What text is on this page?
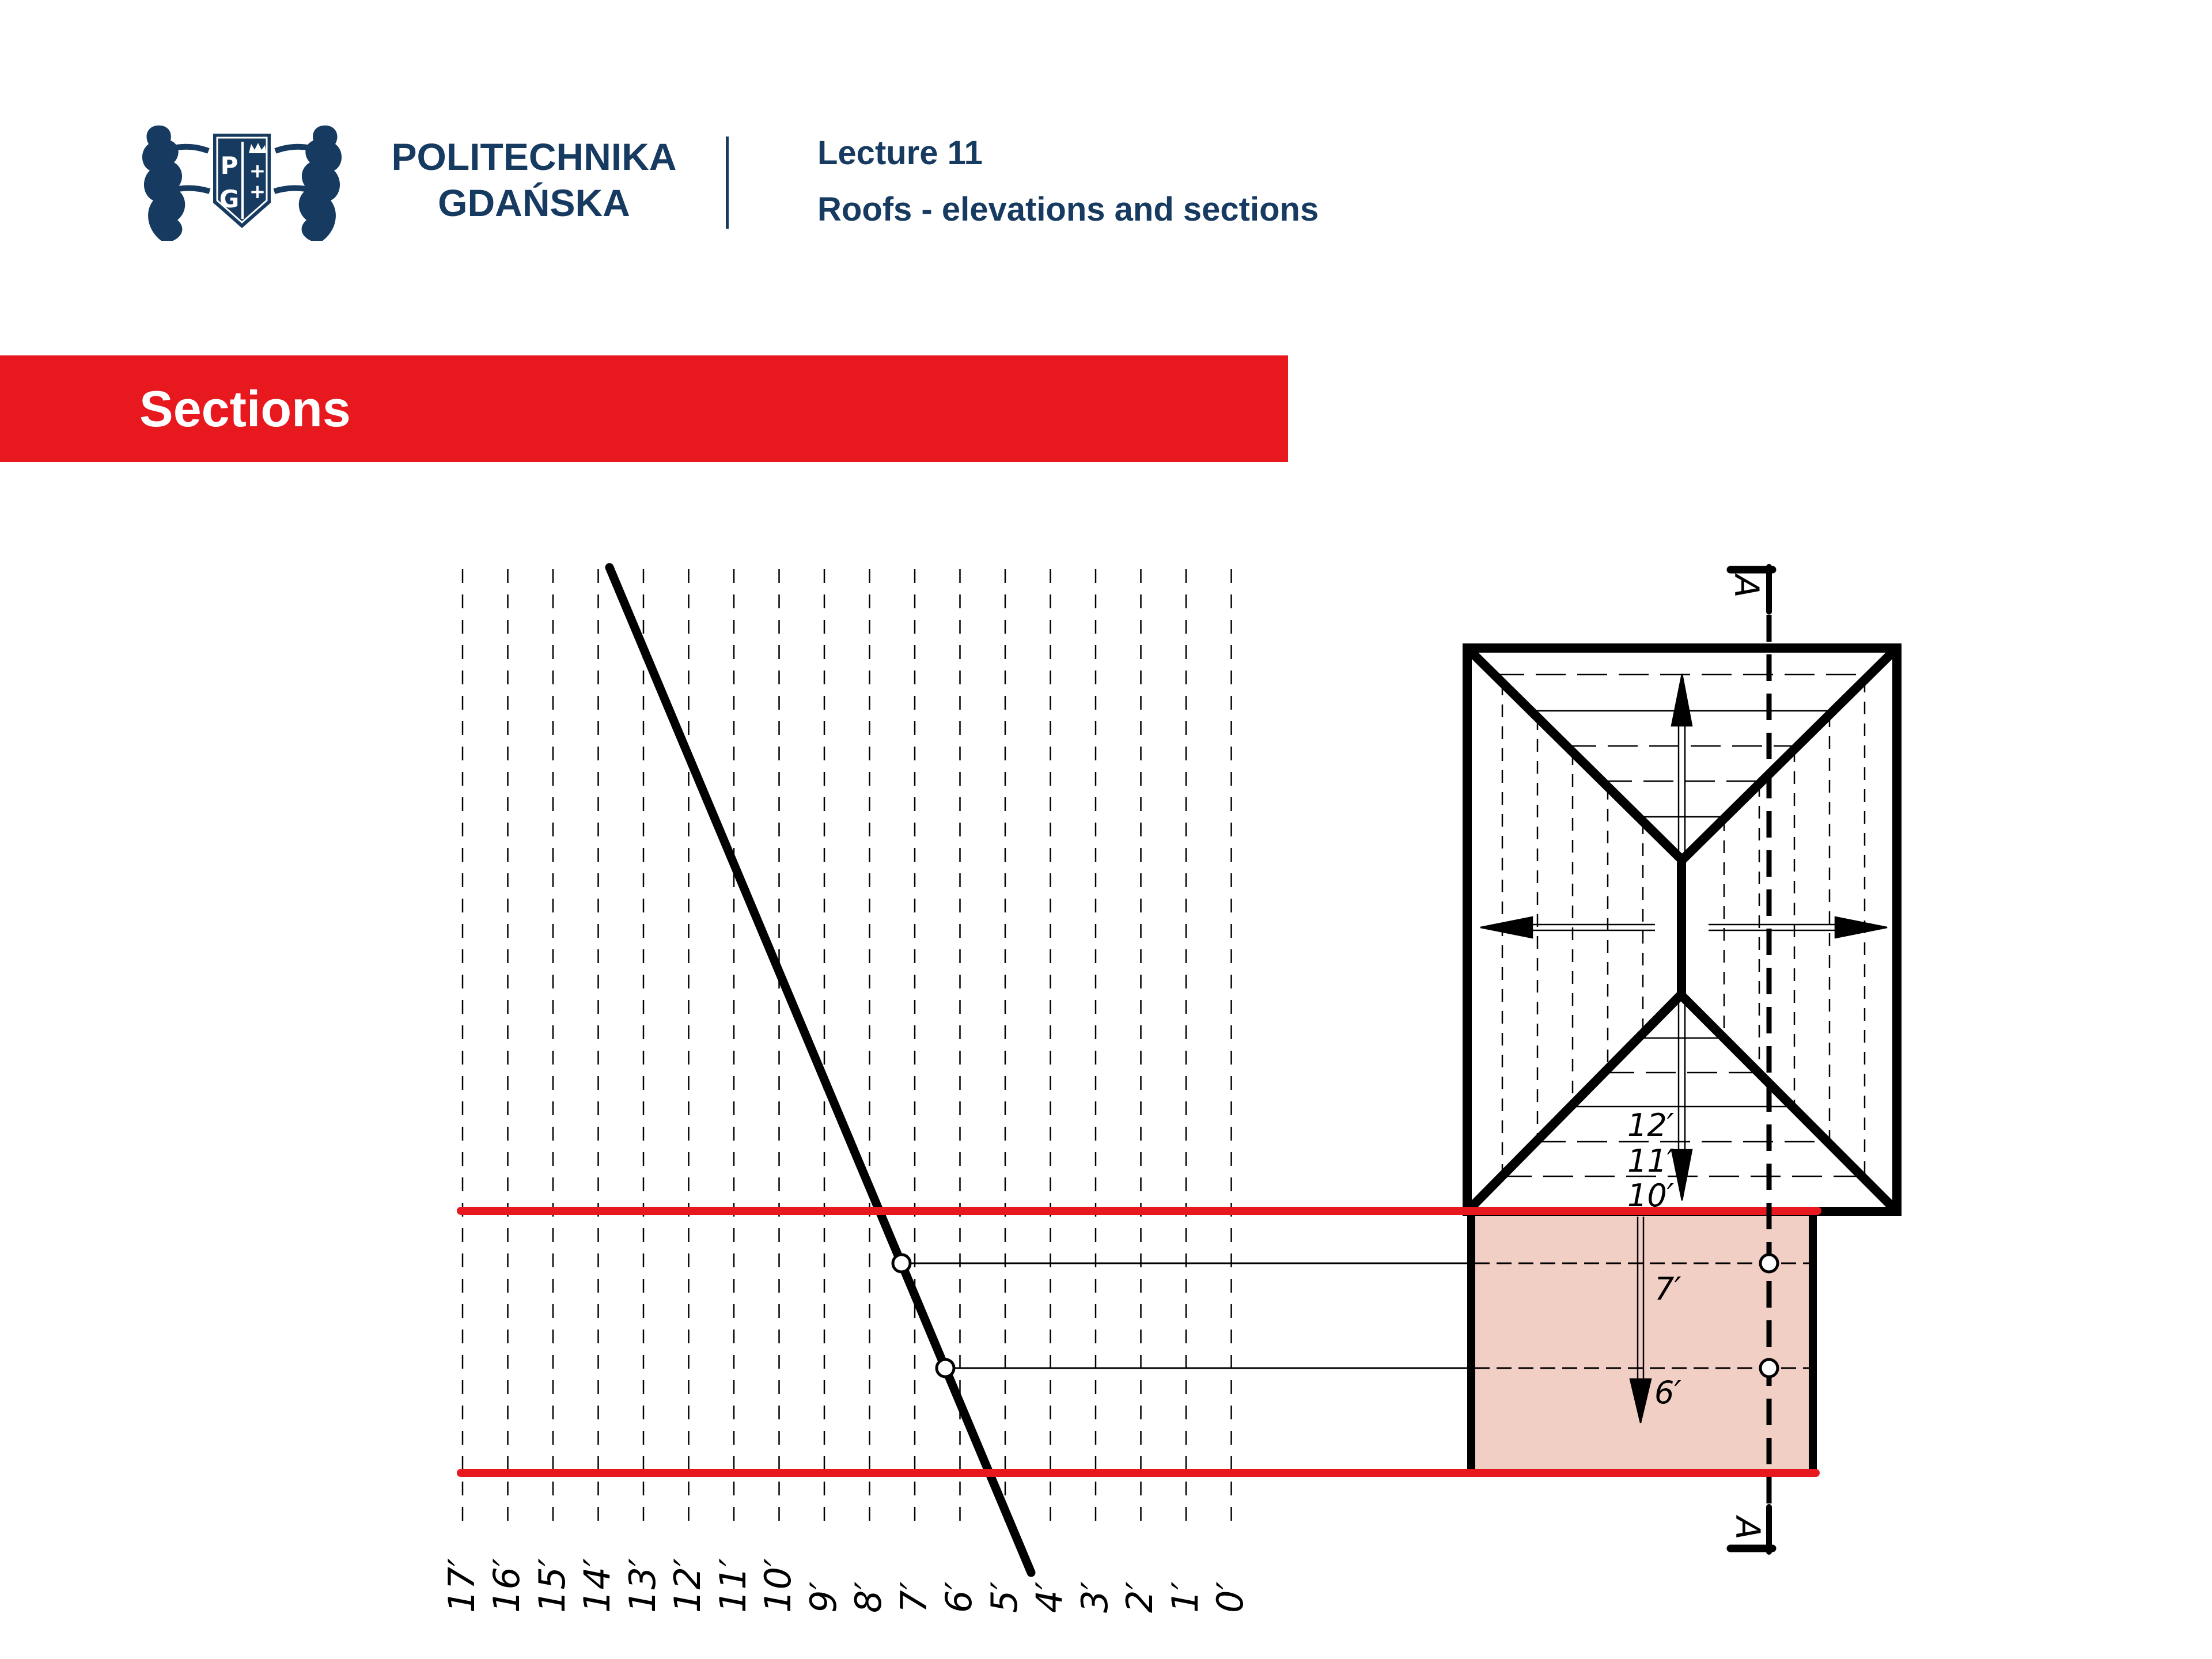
P
G
+
+
POLITECHNIKA
GDAŃSKA
Lecture 11
Roofs - elevations and sections
Sections
17′ 16′ 15′ 14′ 13′ 12′ 11′ 10′ 9′ 8′ 7′ 6′ 5′ 4′ 3′ 2′ 1′ 0′
A
A
12′
11′
10′
7′
6′
